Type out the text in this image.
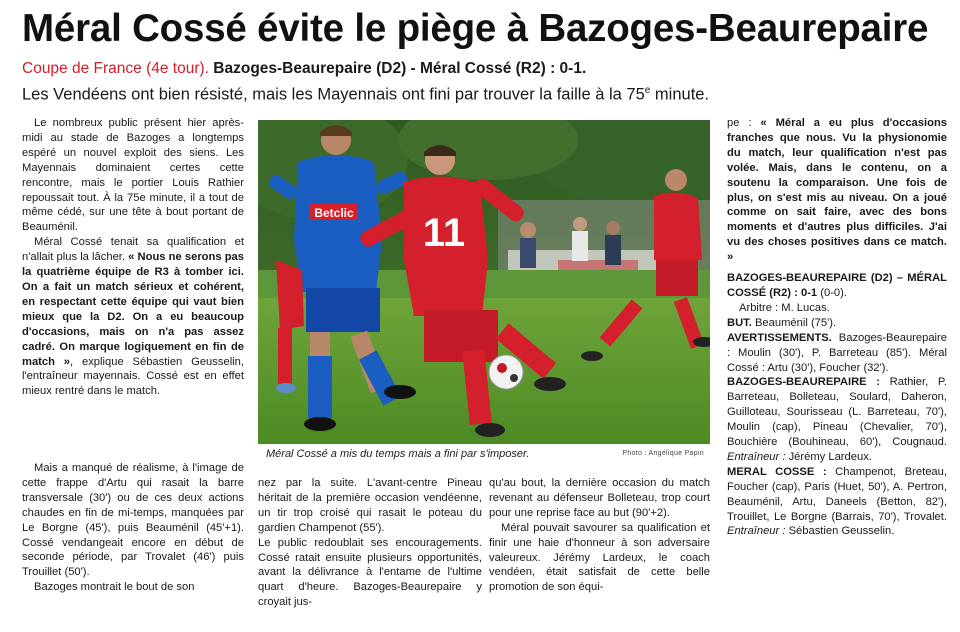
Méral Cossé évite le piège à Bazoges-Beaurepaire
Coupe de France (4e tour). Bazoges-Beaurepaire (D2) - Méral Cossé (R2) : 0-1.
Les Vendéens ont bien résisté, mais les Mayennais ont fini par trouver la faille à la 75e minute.

Le nombreux public présent hier après-midi au stade de Bazoges a longtemps espéré un nouvel exploit des siens. Les Mayennais dominaient certes cette rencontre, mais le portier Louis Rathier repoussait tout. À la 75e minute, il a tout de même cédé, sur une tête à bout portant de Beauménil.

Méral Cossé tenait sa qualification et n'allait plus la lâcher. « Nous ne serons pas la quatrième équipe de R3 à tomber ici. On a fait un match sérieux et cohérent, en respectant cette équipe qui vaut bien mieux que la D2. On a eu beaucoup d'occasions, mais on n'a pas assez cadré. On marque logiquement en fin de match », explique Sébastien Geusselin, l'entraîneur mayennais. Cossé est en effet mieux rentré dans le match.

Mais a manqué de réalisme, à l'image de cette frappe d'Artu qui rasait la barre transversale (30') ou de ces deux actions chaudes en fin de mi-temps, manquées par Le Borgne (45'), puis Beauménil (45'+1). Cossé vendangeait encore en début de seconde période, par Trovalet (46') puis Trouillet (50').

Bazoges montrait le bout de son

Betclic 11
Méral Cossé a mis du temps mais a fini par s'imposer.	Photo : Angélique Papin

nez par la suite. L'avant-centre Pineau héritait de la première occasion vendéenne, un tir trop croisé qui rasait le poteau du gardien Champenot (55').

Le public redoublait ses encouragements. Cossé ratait ensuite plusieurs opportunités, avant la délivrance à l'entame de l'ultime quart d'heure. Bazoges-Beaurepaire y croyait jus-

qu'au bout, la dernière occasion du match revenant au défenseur Bolleteau, trop court pour une reprise face au but (90'+2).

Méral pouvait savourer sa qualification et finir une haie d'honneur à son adversaire valeureux. Jérémy Lardeux, le coach vendéen, était satisfait de cette belle promotion de son équi-

pe : « Méral a eu plus d'occasions franches que nous. Vu la physionomie du match, leur qualification n'est pas volée. Mais, dans le contenu, on a soutenu la comparaison. Une fois de plus, on s'est mis au niveau. On a joué comme on sait faire, avec des bons moments et d'autres plus difficiles. J'ai vu des choses positives dans ce match. »

BAZOGES-BEAUREPAIRE (D2) – MÉRAL COSSÉ (R2) : 0-1 (0-0).

Arbitre : M. Lucas.

BUT. Beauménil (75').

AVERTISSEMENTS. Bazoges-Beaurepaire : Moulin (30'), P. Barreteau (85'). Méral Cossé : Artu (30'), Foucher (32').

BAZOGES-BEAUREPAIRE : Rathier, P. Barreteau, Bolleteau, Soulard, Daheron, Guilloteau, Sourisseau (L. Barreteau, 70'), Moulin (cap), Pineau (Chevalier, 70'), Bouchière (Bouhineau, 60'), Cougnaud. Entraîneur : Jérémy Lardeux.

MERAL COSSE : Champenot, Breteau, Foucher (cap), Paris (Huet, 50'), A. Pertron, Beauménil, Artu, Daneels (Betton, 82'), Trouillet, Le Borgne (Barrais, 70'), Trovalet. Entraîneur : Sébastien Geusselin.
